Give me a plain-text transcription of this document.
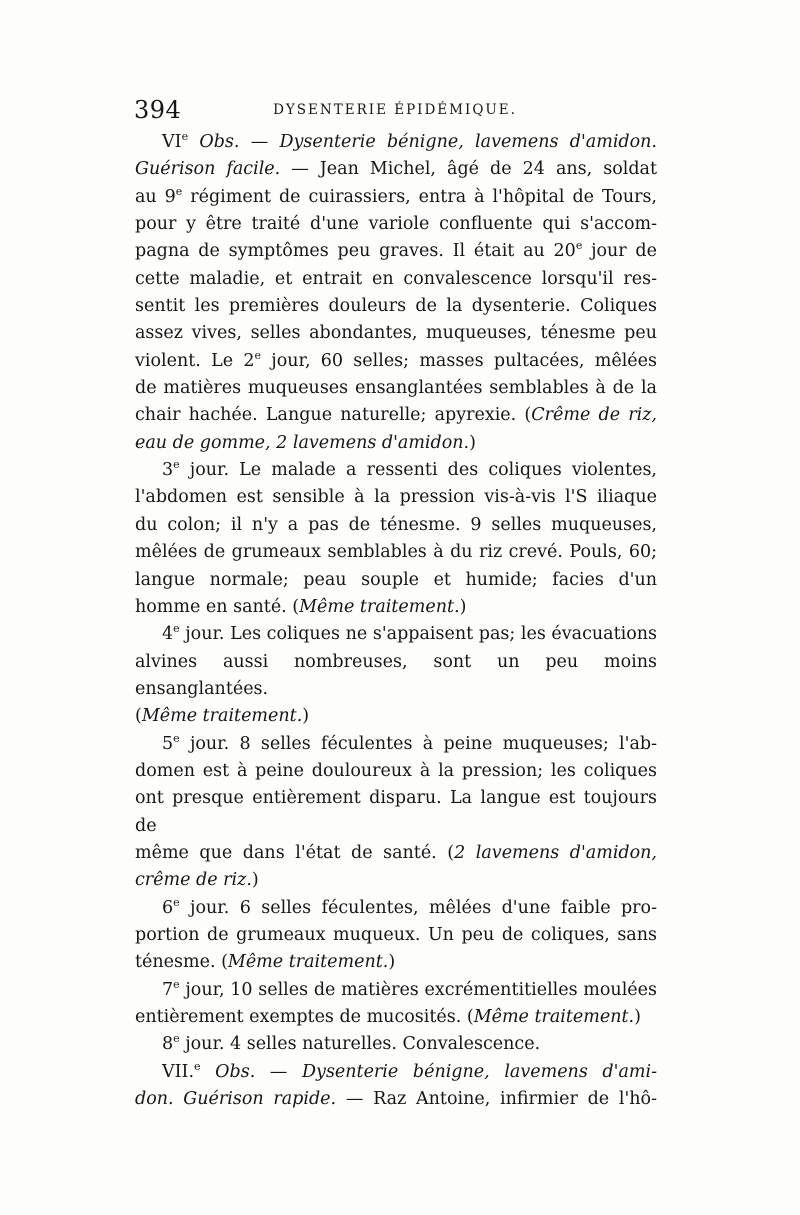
394	DYSENTERIE ÉPIDÉMIQUE.

VIe Obs. — Dysenterie bénigne, lavemens d'amidon.

Guérison facile. — Jean Michel, âgé de 24 ans, soldat

au 9e régiment de cuirassiers, entra à l'hôpital de Tours,

pour y être traité d'une variole confluente qui s'accom-

pagna de symptômes peu graves. Il était au 20e jour de

cette maladie, et entrait en convalescence lorsqu'il res-

sentit les premières douleurs de la dysenterie. Coliques

assez vives, selles abondantes, muqueuses, ténesme peu

violent. Le 2e jour, 60 selles; masses pultacées, mêlées

de matières muqueuses ensanglantées semblables à de la

chair hachée. Langue naturelle; apyrexie. (Crême de riz,

eau de gomme, 2 lavemens d'amidon.)

3e jour. Le malade a ressenti des coliques violentes,

l'abdomen est sensible à la pression vis-à-vis l'S iliaque

du colon; il n'y a pas de ténesme. 9 selles muqueuses,

mêlées de grumeaux semblables à du riz crevé. Pouls, 60;

langue normale; peau souple et humide; facies d'un

homme en santé. (Même traitement.)

4e jour. Les coliques ne s'appaisent pas; les évacuations

alvines aussi nombreuses, sont un peu moins ensanglantées.

(Même traitement.)

5e jour. 8 selles féculentes à peine muqueuses; l'ab-

domen est à peine douloureux à la pression; les coliques

ont presque entièrement disparu. La langue est toujours de

même que dans l'état de santé. (2 lavemens d'amidon,

crême de riz.)

6e jour. 6 selles féculentes, mêlées d'une faible pro-

portion de grumeaux muqueux. Un peu de coliques, sans

ténesme. (Même traitement.)

7e jour, 10 selles de matières excrémentitielles moulées

entièrement exemptes de mucosités. (Même traitement.)

8e jour. 4 selles naturelles. Convalescence.

VII.$^e$ Obs. — Dysenterie bénigne, lavemens d'ami-

don. Guérison rapide. — Raz Antoine, infirmier de l'hô-
